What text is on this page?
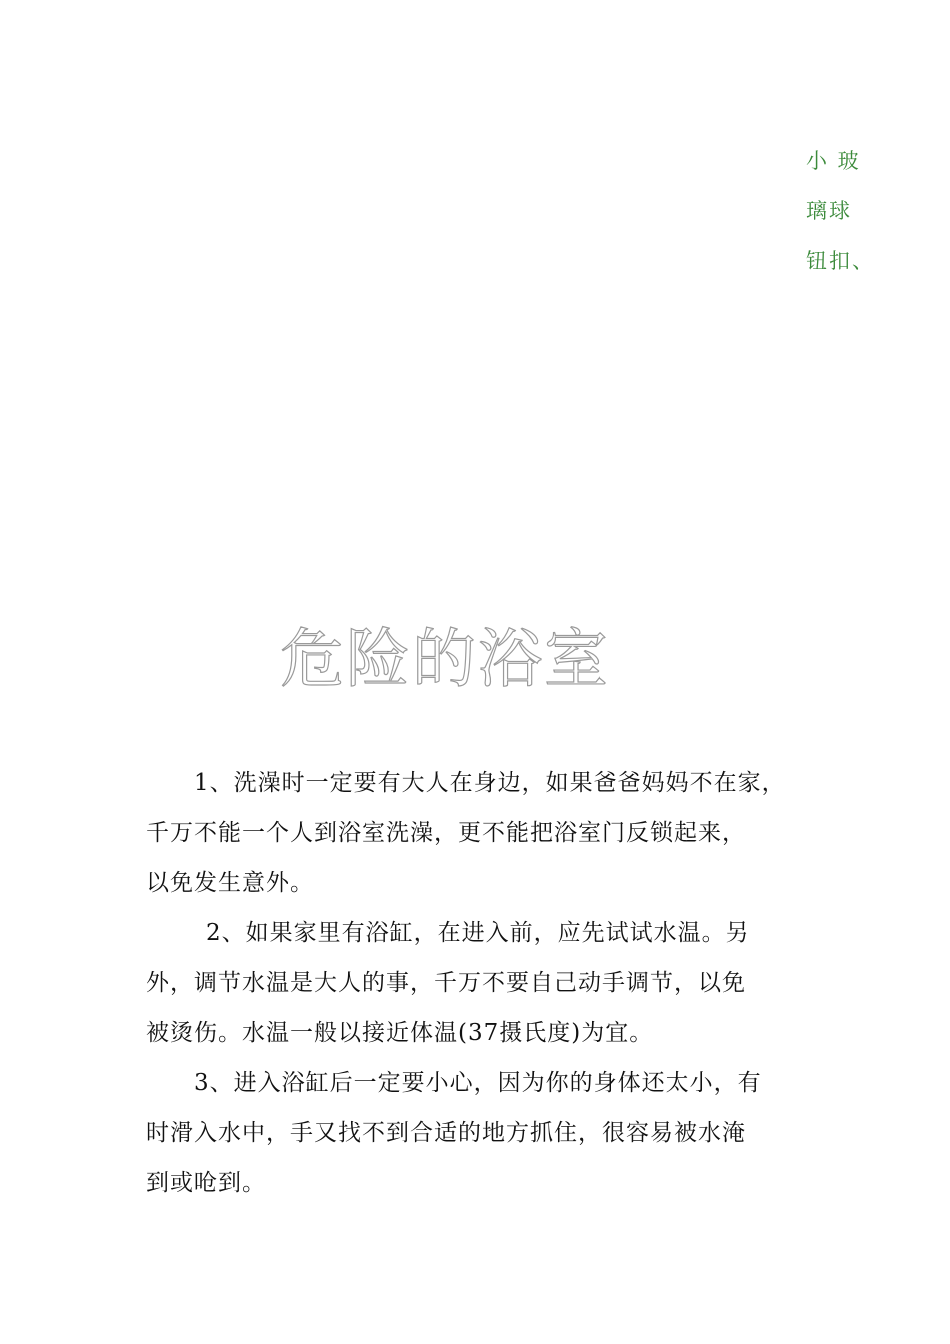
小 玻
璃球
钮扣、
危险的浴室

1、洗澡时一定要有大人在身边，如果爸爸妈妈不在家，
千万不能一个人到浴室洗澡，更不能把浴室门反锁起来，
以免发生意外。

2、如果家里有浴缸，在进入前，应先试试水温。另
外，调节水温是大人的事，千万不要自己动手调节，以免
被烫伤。水温一般以接近体温(37摄氏度)为宜。

3、进入浴缸后一定要小心，因为你的身体还太小，有
时滑入水中，手又找不到合适的地方抓住，很容易被水淹
到或呛到。
